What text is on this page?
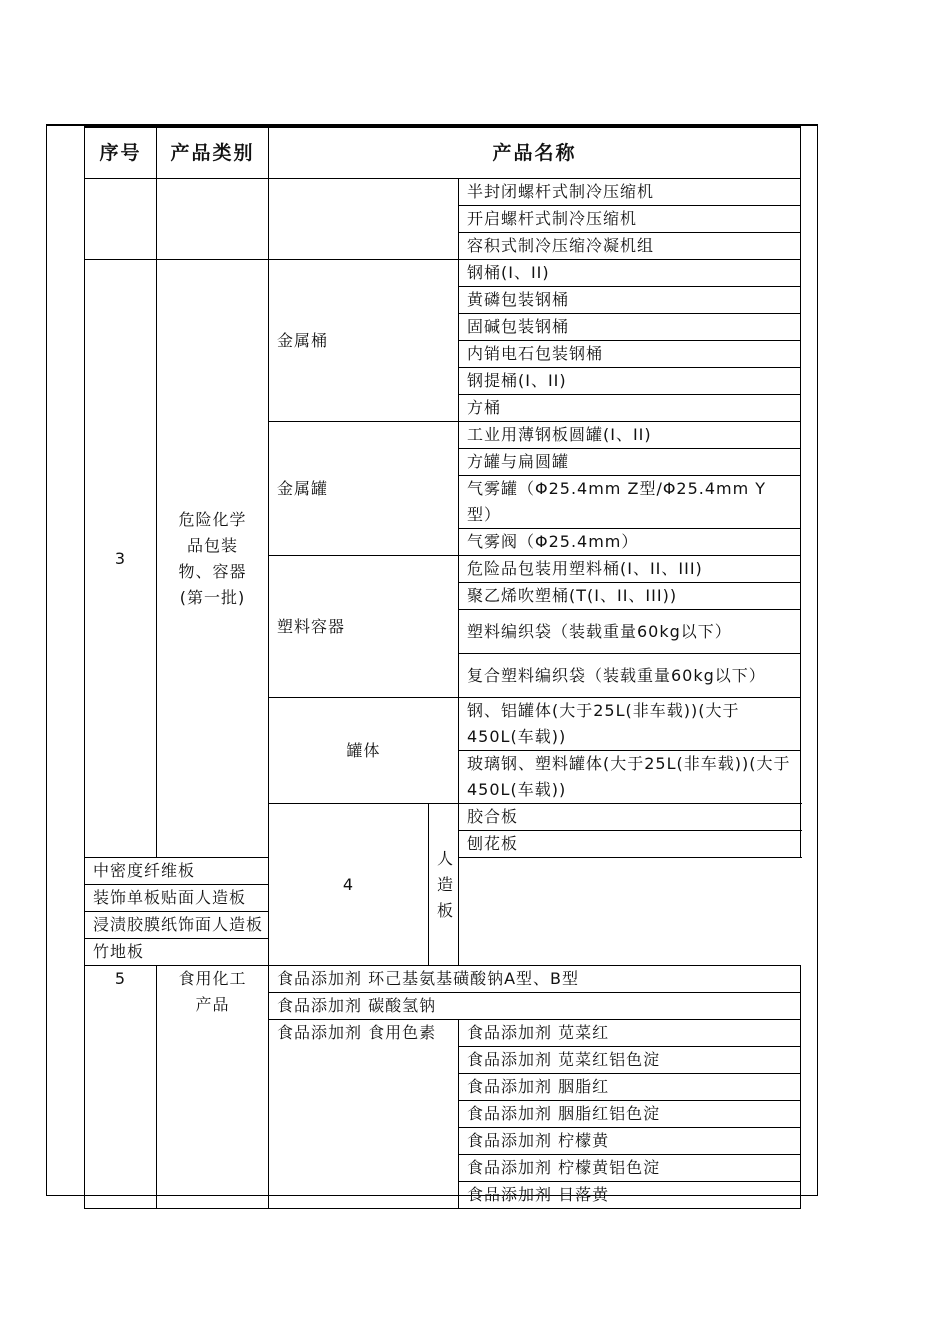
序号	产品类别	产品名称		
				半封闭螺杆式制冷压缩机
				开启螺杆式制冷压缩机
				容积式制冷压缩冷凝机组
3	危险化学品包装物、容器(第一批)	金属桶		钢桶(I、II)
				黄磷包装钢桶
				固碱包装钢桶
				内销电石包装钢桶
				钢提桶(I、II)
				方桶
		金属罐		工业用薄钢板圆罐(I、II)
				方罐与扁圆罐
				气雾罐（Φ25.4mm Z型/Φ25.4mm Y型）
				气雾阀（Φ25.4mm）
		塑料容器		危险品包装用塑料桶(I、II、III)
				聚乙烯吹塑桶(T(I、II、III))
				塑料编织袋（装载重量60kg以下）
				复合塑料编织袋（装载重量60kg以下）
		罐体		钢、铝罐体(大于25L(非车载))(大于450L(车载))
				玻璃钢、塑料罐体(大于25L(非车载))(大于450L(车载))
		4	人造板	胶合板
				刨花板
中密度纤维板				
装饰单板贴面人造板				
浸渍胶膜纸饰面人造板				
竹地板				
5	食用化工产品	食品添加剂 环己基氨基磺酸钠A型、B型		
		食品添加剂 碳酸氢钠		
		食品添加剂 食用色素		食品添加剂 苋菜红
				食品添加剂 苋菜红铝色淀
				食品添加剂 胭脂红
				食品添加剂 胭脂红铝色淀
				食品添加剂 柠檬黄
				食品添加剂 柠檬黄铝色淀
				食品添加剂 日落黄
